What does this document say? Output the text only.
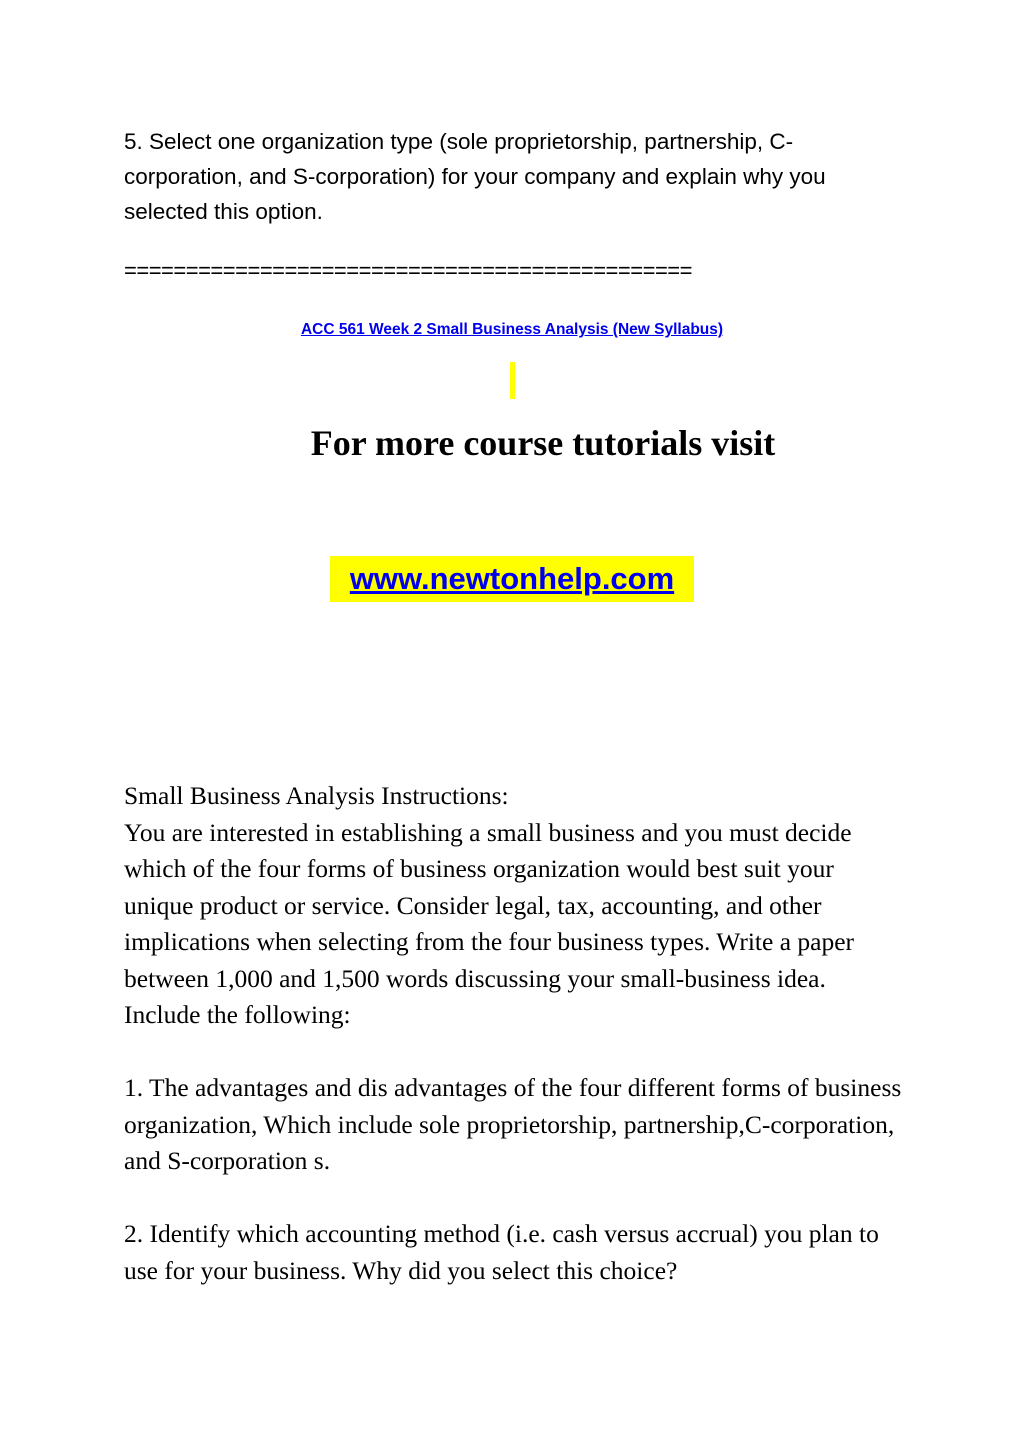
5. Select one organization type (sole proprietorship, partnership, C-corporation, and S-corporation) for your company and explain why you selected this option.
==============================================
ACC 561 Week 2 Small Business Analysis (New Syllabus)
For more course tutorials visit
www.newtonhelp.com

Small Business Analysis Instructions:

You are interested in establishing a small business and you must decide which of the four forms of business organization would best suit your unique product or service. Consider legal, tax, accounting, and other implications when selecting from the four business types. Write a paper between 1,000 and 1,500 words discussing your small-business idea. Include the following:

1. The advantages and dis advantages of the four different forms of business organization, Which include sole proprietorship, partnership,C-corporation, and S-corporation s.

2. Identify which accounting method (i.e. cash versus accrual) you plan to use for your business. Why did you select this choice?
